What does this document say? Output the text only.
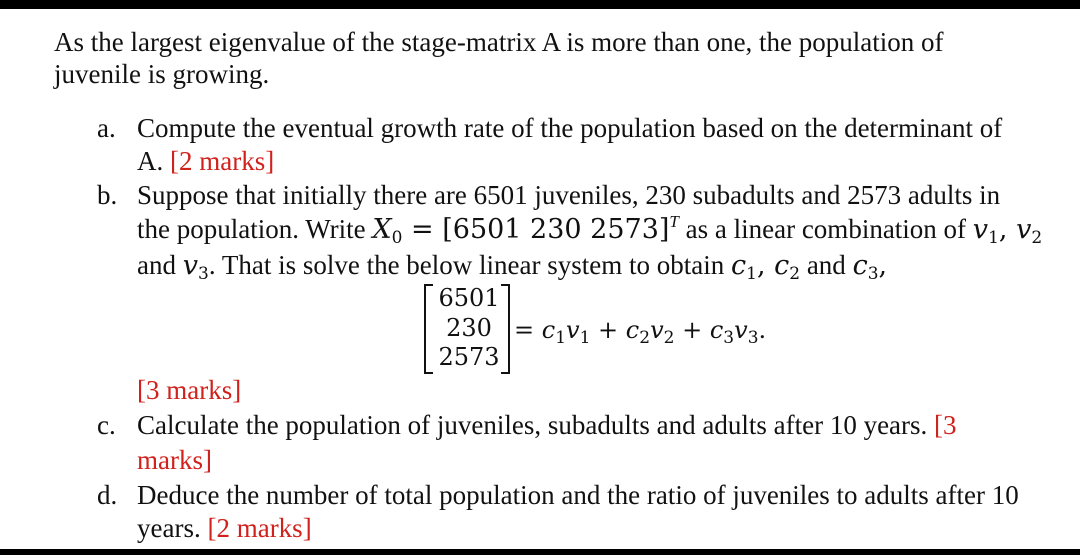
As the largest eigenvalue of the stage-matrix A is more than one, the population of
juvenile is growing.
a. Compute the eventual growth rate of the population based on the determinant of
A. [2 marks]
b. Suppose that initially there are 6501 juveniles, 230 subadults and 2573 adults in
the population. Write X0 = [6501 230 2573]$^T$ as a linear combination of v1, v2
and v3. That is solve the below linear system to obtain c1, c2 and c3,
6501
230
2573
= $c_1v_1 + c_2v_2 + c_3v_3$.
[3 marks]
c. Calculate the population of juveniles, subadults and adults after 10 years. [3
marks]
d. Deduce the number of total population and the ratio of juveniles to adults after 10
years. [2 marks]
